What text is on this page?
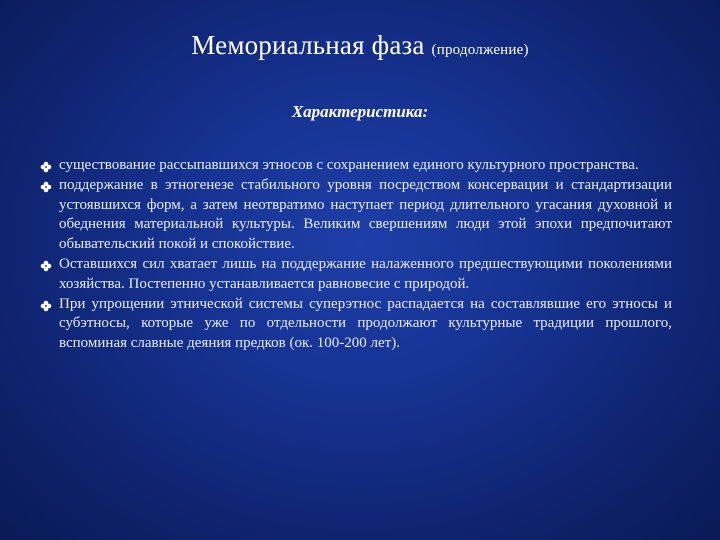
Мемориальная фаза (продолжение)
Характеристика:
существование рассыпавшихся этносов с сохранением единого культурного пространства.
поддержание в этногенезе стабильного уровня посредством консервации и стандартизации устоявшихся форм, а затем неотвратимо наступает период длительного угасания духовной и обеднения материальной культуры. Великим свершениям люди этой эпохи предпочитают обывательский покой и спокойствие.
Оставшихся сил хватает лишь на поддержание налаженного предшествующими поколениями хозяйства. Постепенно устанавливается равновесие с природой.
При упрощении этнической системы суперэтнос распадается на составлявшие его этносы и субэтносы, которые уже по отдельности продолжают культурные традиции прошлого, вспоминая славные деяния предков (ок. 100-200 лет).
